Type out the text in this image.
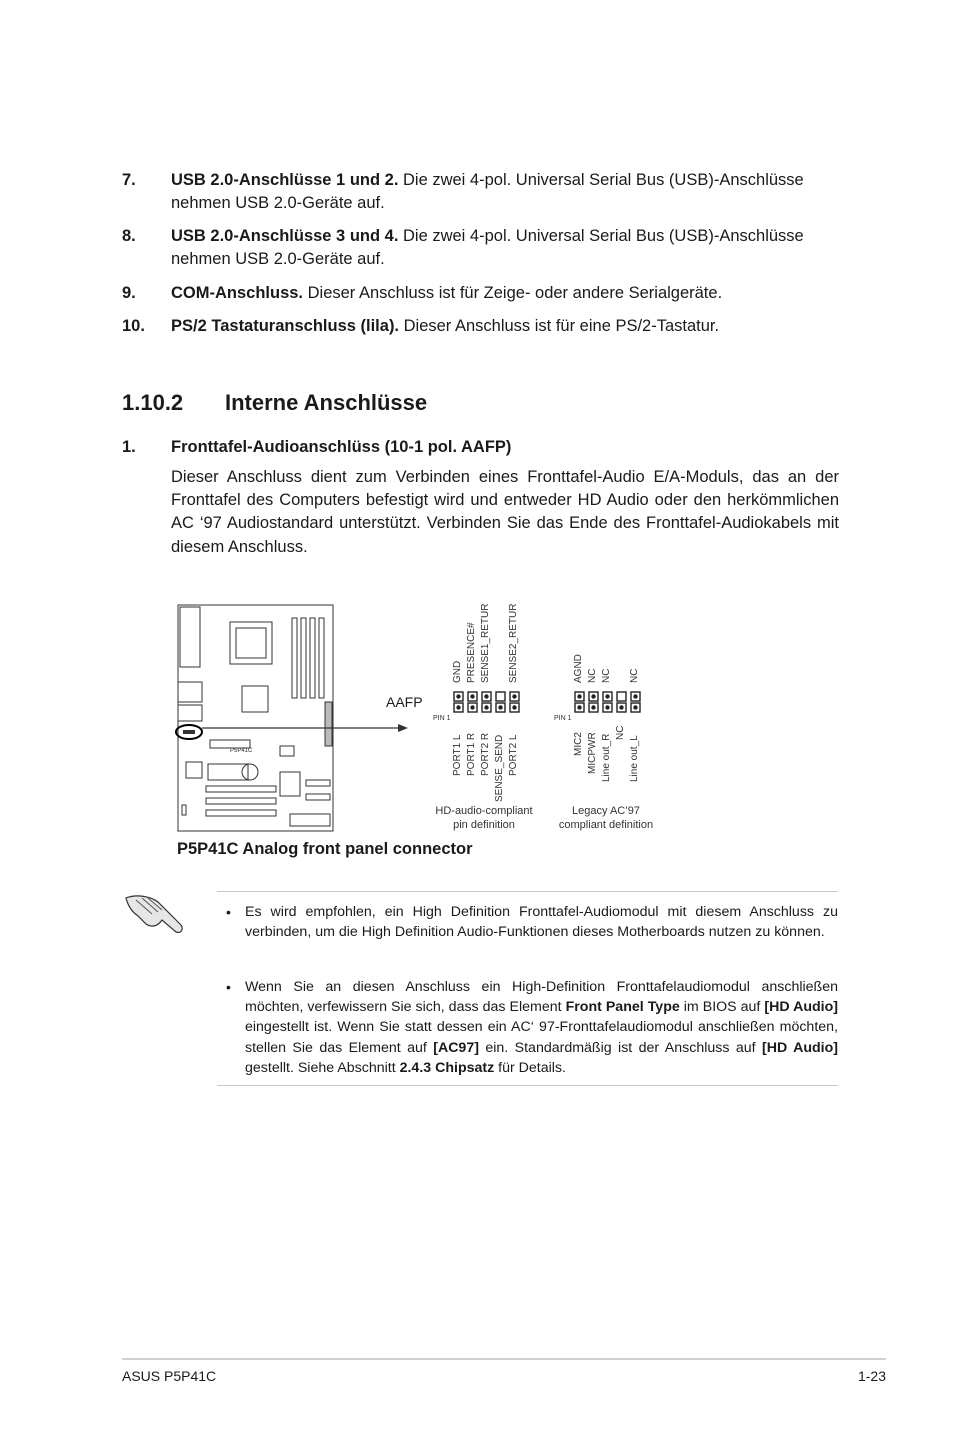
7. USB 2.0-Anschlüsse 1 und 2. Die zwei 4-pol. Universal Serial Bus (USB)-Anschlüsse nehmen USB 2.0-Geräte auf.
8. USB 2.0-Anschlüsse 3 und 4. Die zwei 4-pol. Universal Serial Bus (USB)-Anschlüsse nehmen USB 2.0-Geräte auf.
9. COM-Anschluss. Dieser Anschluss ist für Zeige- oder andere Serialgeräte.
10. PS/2 Tastaturanschluss (lila). Dieser Anschluss ist für eine PS/2-Tastatur.
1.10.2 Interne Anschlüsse
1. Fronttafel-Audioanschlüss (10-1 pol. AAFP)
Dieser Anschluss dient zum Verbinden eines Fronttafel-Audio E/A-Moduls, das an der Fronttafel des Computers befestigt wird und entweder HD Audio oder den herkömmlichen AC ‘97 Audiostandard unterstützt. Verbinden Sie das Ende des Fronttafel-Audiokabels mit diesem Anschluss.
P5P41C
AAFP
PIN 1
GND PRESENCE# SENSE1_RETUR SENSE2_RETUR
PORT1 L PORT1 R PORT2 R SENSE_SEND PORT2 L
HD-audio-compliant
pin definition
PIN 1
AGND NC NC NC
MIC2 MICPWR Line out_R
NC
Line out_L
Legacy AC’97
compliant definition
P5P41C Analog front panel connector
• Es wird empfohlen, ein High Definition Fronttafel-Audiomodul mit diesem Anschluss zu verbinden, um die High Definition Audio-Funktionen dieses Motherboards nutzen zu können.
• Wenn Sie an diesen Anschluss ein High-Definition Fronttafelaudiomodul anschließen möchten, verfewissern Sie sich, dass das Element Front Panel Type im BIOS auf [HD Audio] eingestellt ist. Wenn Sie statt dessen ein AC‘ 97-Fronttafelaudiomodul anschließen möchten, stellen Sie das Element auf [AC97] ein. Standardmäßig ist der Anschluss auf [HD Audio] gestellt. Siehe Abschnitt 2.4.3 Chipsatz für Details.
ASUS P5P41C	1-23
